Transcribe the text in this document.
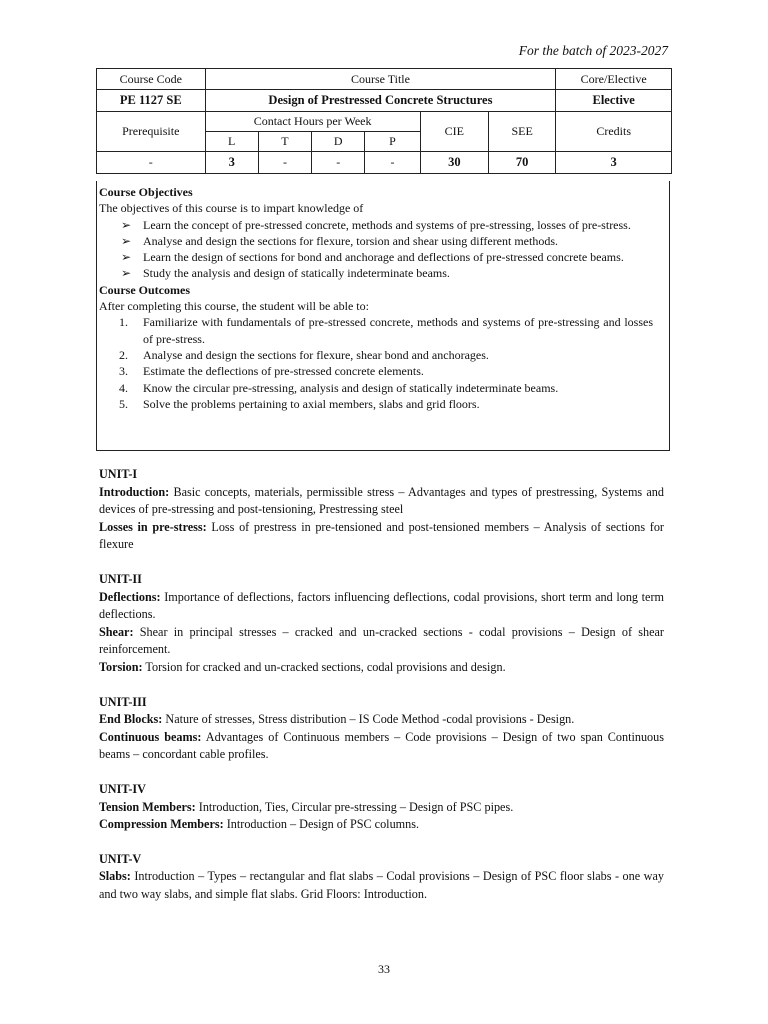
For the batch of 2023-2027
Course Code	Course Title						Core/Elective
PE 1127 SE	Design of Prestressed Concrete Structures						Elective
Prerequisite	Contact Hours per Week				CIE	SEE	Credits
	L	T	D	P			
-	3	-	-	-	30	70	3
Course Objectives
The objectives of this course is to impart knowledge of
➢ Learn the concept of pre-stressed concrete, methods and systems of pre-stressing, losses of pre-stress.
➢ Analyse and design the sections for flexure, torsion and shear using different methods.
➢ Learn the design of sections for bond and anchorage and deflections of pre-stressed concrete beams.
➢ Study the analysis and design of statically indeterminate beams.
Course Outcomes
After completing this course, the student will be able to:
1. Familiarize with fundamentals of pre-stressed concrete, methods and systems of pre-stressing and losses of pre-stress.
2. Analyse and design the sections for flexure, shear bond and anchorages.
3. Estimate the deflections of pre-stressed concrete elements.
4. Know the circular pre-stressing, analysis and design of statically indeterminate beams.
5. Solve the problems pertaining to axial members, slabs and grid floors.
UNIT-I

Introduction: Basic concepts, materials, permissible stress – Advantages and types of prestressing, Systems and devices of pre-stressing and post-tensioning, Prestressing steel

Losses in pre-stress: Loss of prestress in pre-tensioned and post-tensioned members – Analysis of sections for flexure

UNIT-II

Deflections: Importance of deflections, factors influencing deflections, codal provisions, short term and long term deflections.

Shear: Shear in principal stresses – cracked and un-cracked sections - codal provisions – Design of shear reinforcement.

Torsion: Torsion for cracked and un-cracked sections, codal provisions and design.

UNIT-III

End Blocks: Nature of stresses, Stress distribution – IS Code Method -codal provisions - Design.

Continuous beams: Advantages of Continuous members – Code provisions – Design of two span Continuous beams – concordant cable profiles.

UNIT-IV

Tension Members: Introduction, Ties, Circular pre-stressing – Design of PSC pipes.

Compression Members: Introduction – Design of PSC columns.

UNIT-V

Slabs: Introduction – Types – rectangular and flat slabs – Codal provisions – Design of PSC floor slabs - one way and two way slabs, and simple flat slabs. Grid Floors: Introduction.

33
